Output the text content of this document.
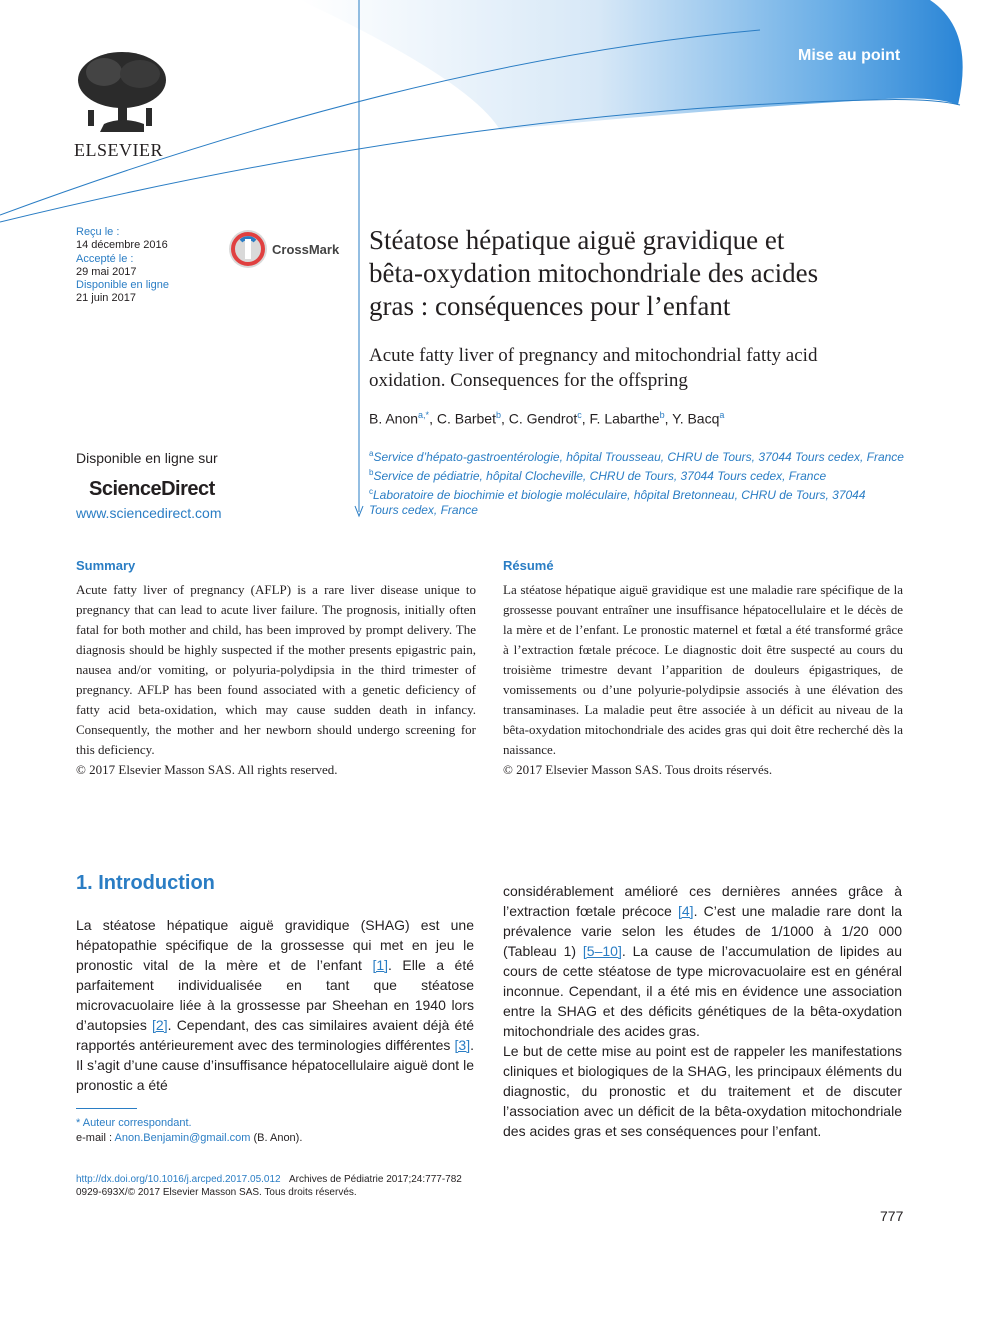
Mise au point
ELSEVIER
Reçu le :
14 décembre 2016
Accepté le :
29 mai 2017
Disponible en ligne
21 juin 2017
CrossMark
Disponible en ligne sur
ScienceDirect
www.sciencedirect.com
Stéatose hépatique aiguë gravidique et
bêta-oxydation mitochondriale des acides
gras : conséquences pour l’enfant
Acute fatty liver of pregnancy and mitochondrial fatty acid
oxidation. Consequences for the offspring
B. Anon$^{a,*}$, C. Barbet$^b$, C. Gendrot$^c$, F. Labarthe$^b$, Y. Bacq$^a$
$^a$Service d’hépato-gastroentérologie, hôpital Trousseau, CHRU de Tours, 37044 Tours cedex, France
$^b$Service de pédiatrie, hôpital Clocheville, CHRU de Tours, 37044 Tours cedex, France
$^c$Laboratoire de biochimie et biologie moléculaire, hôpital Bretonneau, CHRU de Tours, 37044 Tours cedex, France
Summary

Acute fatty liver of pregnancy (AFLP) is a rare liver disease unique to pregnancy that can lead to acute liver failure. The prognosis, initially often fatal for both mother and child, has been improved by prompt delivery. The diagnosis should be highly suspected if the mother presents epigastric pain, nausea and/or vomiting, or polyuria-polydipsia in the third trimester of pregnancy. AFLP has been found associated with a genetic deficiency of fatty acid beta-oxidation, which may cause sudden death in infancy. Consequently, the mother and her newborn should undergo screening for this deficiency.

© 2017 Elsevier Masson SAS. All rights reserved.

Résumé

La stéatose hépatique aiguë gravidique est une maladie rare spécifique de la grossesse pouvant entraîner une insuffisance hépatocellulaire et le décès de la mère et de l’enfant. Le pronostic maternel et fœtal a été transformé grâce à l’extraction fœtale précoce. Le diagnostic doit être suspecté au cours du troisième trimestre devant l’apparition de douleurs épigastriques, de vomissements ou d’une polyurie-polydipsie associés à une élévation des transaminases. La maladie peut être associée à un déficit au niveau de la bêta-oxydation mitochondriale des acides gras qui doit être recherché dès la naissance.

© 2017 Elsevier Masson SAS. Tous droits réservés.

1. Introduction

La stéatose hépatique aiguë gravidique (SHAG) est une hépatopathie spécifique de la grossesse qui met en jeu le pronostic vital de la mère et de l’enfant [1]. Elle a été parfaitement individualisée en tant que stéatose microvacuolaire liée à la grossesse par Sheehan en 1940 lors d’autopsies [2]. Cependant, des cas similaires avaient déjà été rapportés antérieurement avec des terminologies différentes [3]. Il s’agit d’une cause d’insuffisance hépatocellulaire aiguë dont le pronostic a été

considérablement amélioré ces dernières années grâce à l’extraction fœtale précoce [4]. C’est une maladie rare dont la prévalence varie selon les études de 1/1000 à 1/20 000 (Tableau 1) [5–10]. La cause de l’accumulation de lipides au cours de cette stéatose de type microvacuolaire est en général inconnue. Cependant, il a été mis en évidence une association entre la SHAG et des déficits génétiques de la bêta-oxydation mitochondriale des acides gras.

Le but de cette mise au point est de rappeler les manifestations cliniques et biologiques de la SHAG, les principaux éléments du diagnostic, du pronostic et du traitement et de discuter l’association avec un déficit de la bêta-oxydation mitochondriale des acides gras et ses conséquences pour l’enfant.

* Auteur correspondant.
e-mail : Anon.Benjamin@gmail.com (B. Anon).
http://dx.doi.org/10.1016/j.arcped.2017.05.012 Archives de Pédiatrie 2017;24:777-782
0929-693X/© 2017 Elsevier Masson SAS. Tous droits réservés.
777
